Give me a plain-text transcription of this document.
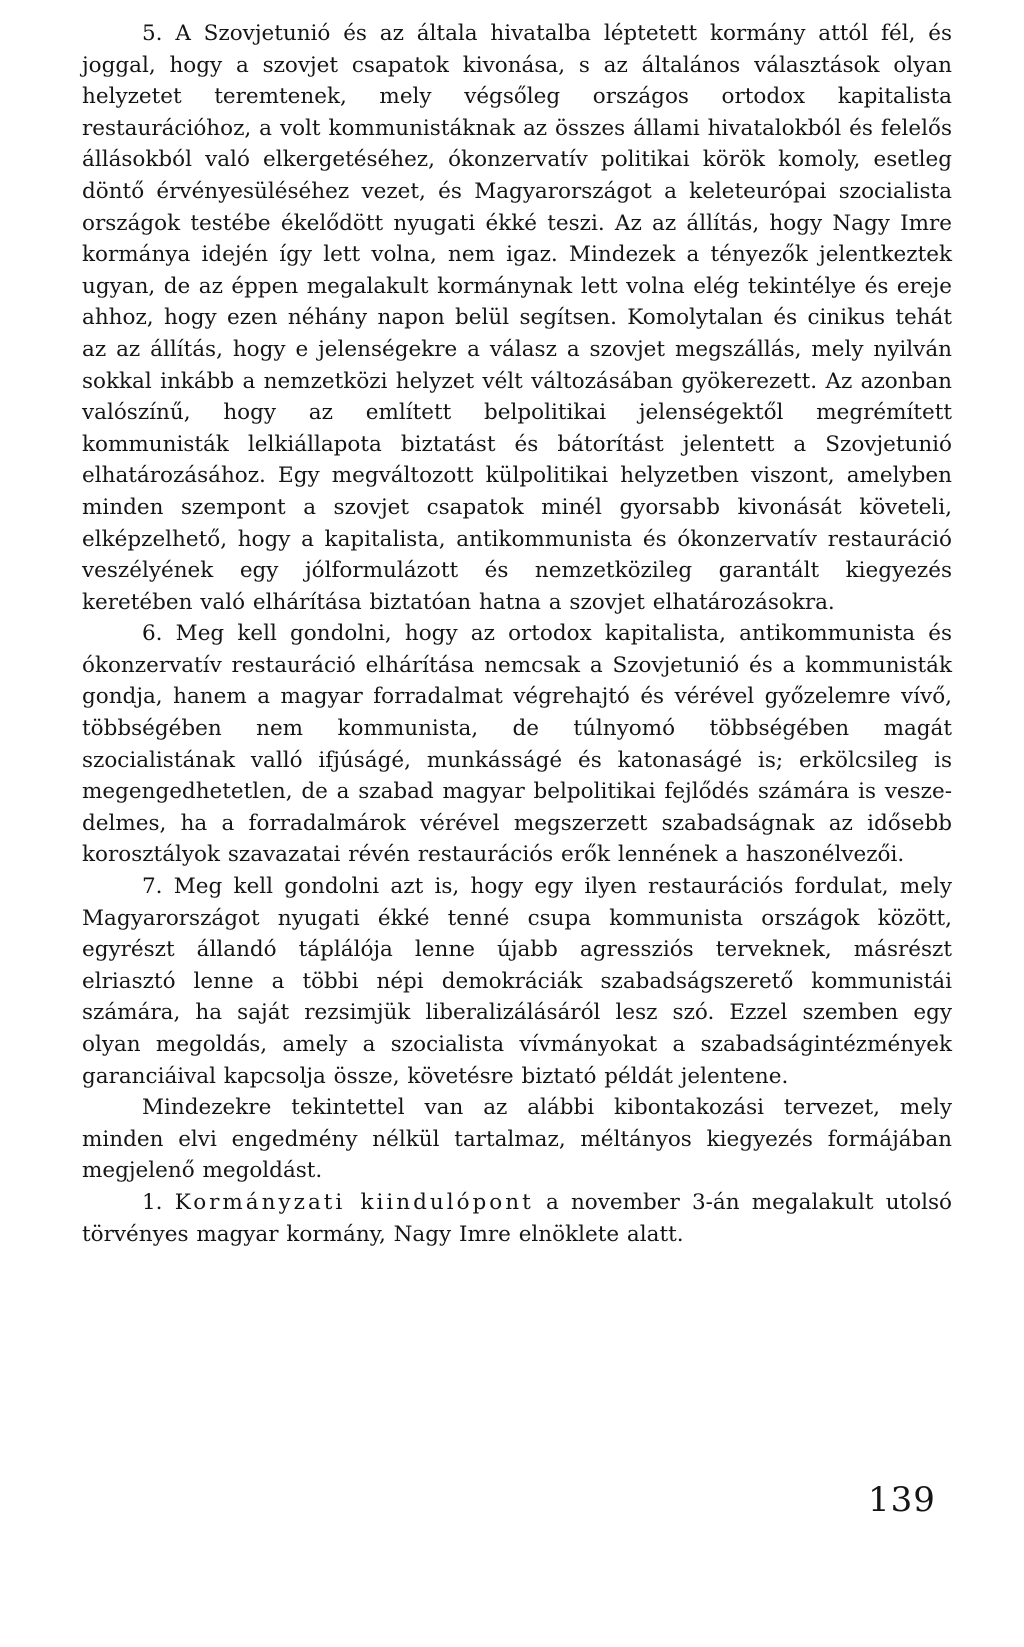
5. A Szovjetunió és az általa hivatalba léptetett kormány attól fél, és joggal, hogy a szovjet csapatok kivonása, s az általános választások olyan helyzetet teremtenek, mely végsőleg országos ortodox kapitalista restaurációhoz, a volt kommunistáknak az összes állami hivatalokból és felelős állásokból való elkergetéséhez, ókonzervatív politikai körök komoly, esetleg döntő érvényesüléséhez vezet, és Magyarországot a keleteurópai szocialista országok testébe ékelődött nyugati ékké teszi. Az az állítás, hogy Nagy Imre kormánya idején így lett volna, nem igaz. Mindezek a tényezők jelentkeztek ugyan, de az éppen megalakult kormánynak lett volna elég tekintélye és ereje ahhoz, hogy ezen néhány napon belül segítsen. Komolytalan és cinikus tehát az az állítás, hogy e jelenségekre a válasz a szovjet megszállás, mely nyilván sokkal inkább a nemzetközi helyzet vélt változásában gyökerezett. Az azonban valószínű, hogy az említett belpolitikai jelenségektől megrémített kommunisták lelkiállapota biztatást és bátorítást jelentett a Szovjetunió elhatározásához. Egy megváltozott külpolitikai helyzetben viszont, amelyben minden szempont a szovjet csapatok minél gyorsabb kivonását követeli, elképzelhető, hogy a kapitalista, antikommunista és ókonzervatív restauráció veszélyének egy jólformulázott és nemzetközileg garantált kiegyezés keretében való elhárítása biztatóan hatna a szovjet elhatározásokra.

6. Meg kell gondolni, hogy az ortodox kapitalista, antikommunista és ókonzervatív restauráció elhárítása nemcsak a Szovjetunió és a kommunisták gondja, hanem a magyar forradalmat végrehajtó és vérével győzelemre vívő, többségében nem kommunista, de túlnyomó többségében magát szocialistának valló ifjúságé, munkásságé és katonaságé is; erkölcsileg is megengedhetetlen, de a szabad magyar belpolitikai fejlődés számára is veszedelmes, ha a forradalmárok vérével megszerzett szabadságnak az idősebb korosztályok szavazatai révén restaurációs erők lennének a haszonélvezői.

7. Meg kell gondolni azt is, hogy egy ilyen restaurációs fordulat, mely Magyarországot nyugati ékké tenné csupa kommunista országok között, egyrészt állandó táplálója lenne újabb agressziós terveknek, másrészt elriasztó lenne a többi népi demokráciák szabadságszerető kommunistái számára, ha saját rezsimjük liberalizálásáról lesz szó. Ezzel szemben egy olyan megoldás, amely a szocialista vívmányokat a szabadságintézmények garanciáival kapcsolja össze, követésre biztató példát jelentene.

Mindezekre tekintettel van az alábbi kibontakozási tervezet, mely minden elvi engedmény nélkül tartalmaz, méltányos kiegyezés formájában megjelenő megoldást.

1. Kormányzati kiindulópont a november 3-án megalakult utolsó törvényes magyar kormány, Nagy Imre elnöklete alatt.

139
